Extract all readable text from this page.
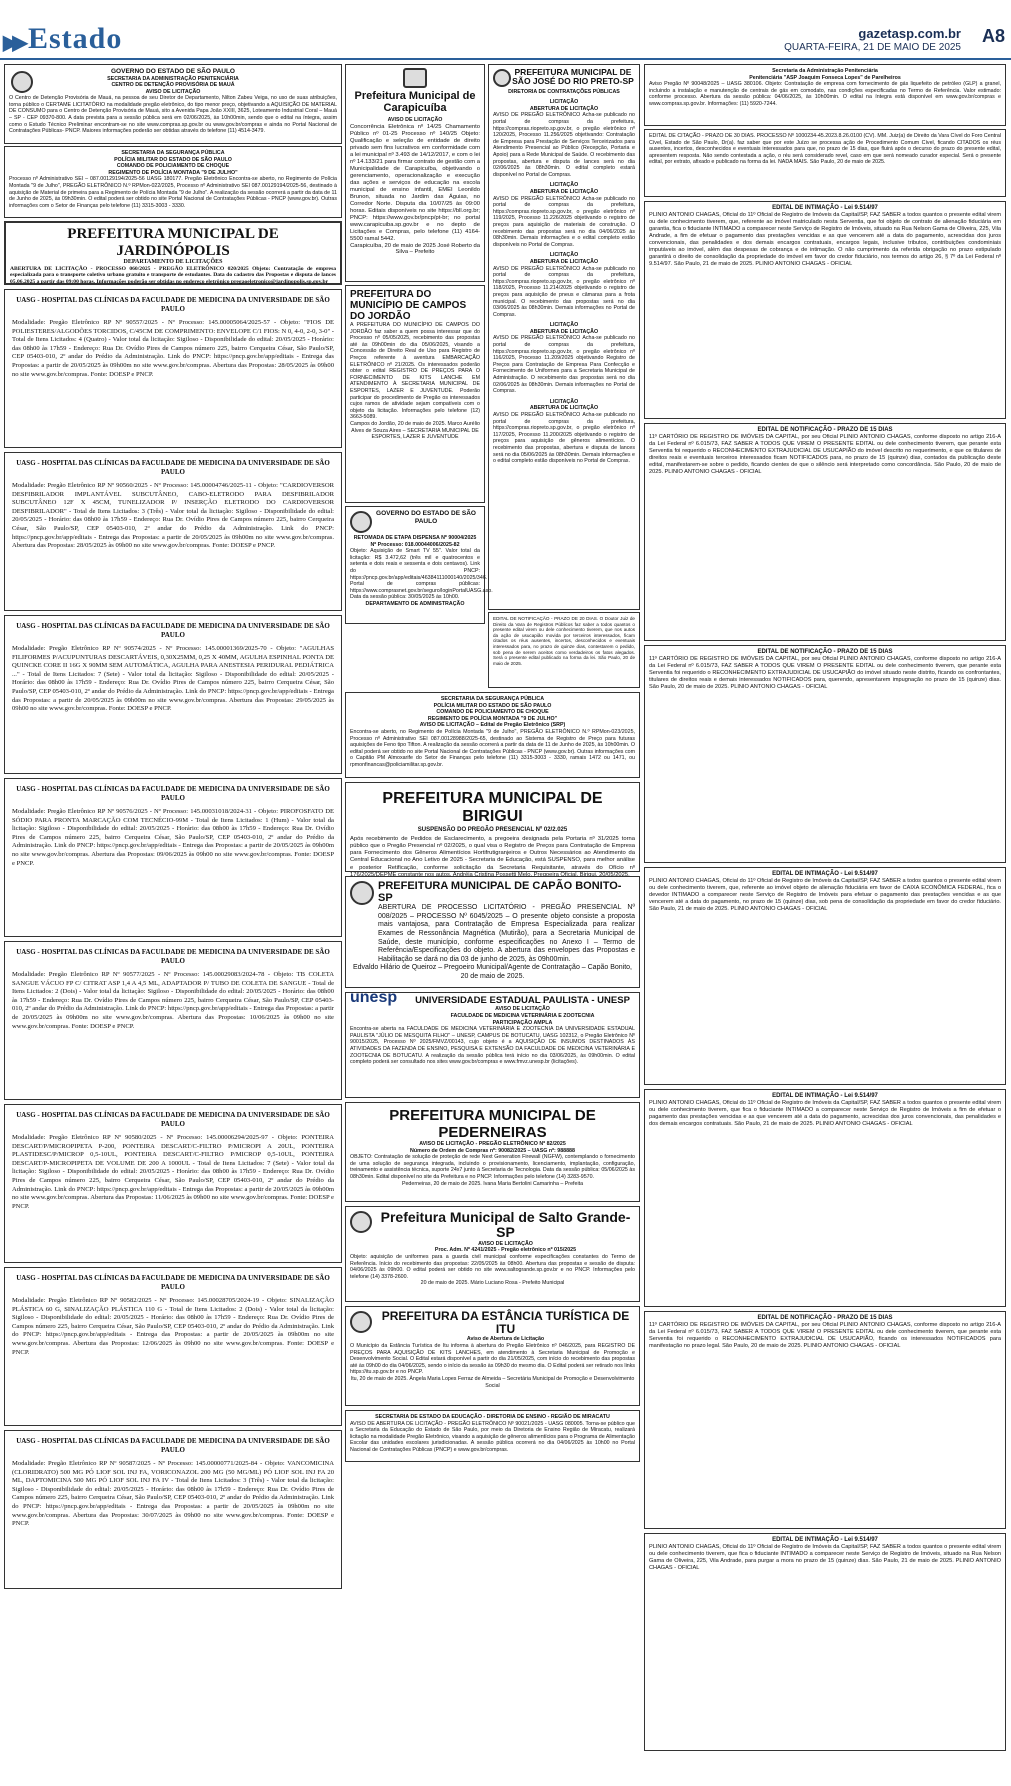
▶▶ Estado	gazetasp.com.br
QUARTA-FEIRA, 21 DE MAIO DE 2025
A8
GOVERNO DO ESTADO DE SÃO PAULO
SECRETARIA DA ADMINISTRAÇÃO PENITENCIÁRIA
CENTRO DE DETENÇÃO PROVISÓRIA DE MAUÁ
AVISO DE LICITAÇÃO
O Centro de Detenção Provisória de Mauá, na pessoa de seu Diretor de Departamento, Nilton Zabeu Veiga, no uso de suas atribuições, torna público o CERTAME LICITATÓRIO na modalidade pregão eletrônico, do tipo menor preço, objetivando a AQUISIÇÃO DE MATERIAL DE CONSUMO para o Centro de Detenção Provisória de Mauá, sito a Avenida Papa João XXIII, 3625, Loteamento Industrial Coral – Mauá – SP - CEP 09370-800. A data prevista para a sessão pública será em 02/06/2025, às 10h00min, sendo que o edital na íntegra, assim como o Estudo Técnico Preliminar encontram-se no site www.compras.sp.gov.br ou www.gov.br/compras e ainda no Portal Nacional de Contratações Públicas- PNCP. Maiores informações poderão ser obtidas através do telefone (11) 4514-3479.
SECRETARIA DA SEGURANÇA PÚBLICA
POLÍCIA MILITAR DO ESTADO DE SÃO PAULO
COMANDO DE POLICIAMENTO DE CHOQUE
REGIMENTO DE POLÍCIA MONTADA "9 DE JULHO"
Processo nº Administrativo SEI – 087.00129194/2025-56 UASG 180177. Pregão Eletrônico Encontra-se aberto, no Regimento de Polícia Montada "9 de Julho", PREGÃO ELETRÔNICO N.º RPMon-022/2025, Processo nº Administrativo SEI 087.00129194/2025-56, destinado à aquisição de Material de primeira para a Regimento de Polícia Montada "9 de Julho". A realização da sessão ocorrerá a partir da data de 11 de Junho de 2025, às 09h30min. O edital poderá ser obtido no site Portal Nacional de Contratações Públicas - PNCP (www.gov.br). Outras informações com o Setor de Finanças pelo telefone (11) 3315-3003 - 3330.
PREFEITURA MUNICIPAL DE JARDINÓPOLIS
DEPARTAMENTO DE LICITAÇÕES
ABERTURA DE LICITAÇÃO - PROCESSO 060/2025 - PREGÃO ELETRÔNICO 020/2025 Objeto: Contratação de empresa especializada para o transporte coletivo urbano gratuito e transporte de estudantes. Data do cadastro das Propostas e disputa de lances 05.06.2025 a partir das 09:00 horas. Informações poderão ser obtidas no endereço eletrônico pregaoeletronico@jardinopolis.sp.gov.br
UASG - HOSPITAL DAS CLÍNICAS DA FACULDADE DE MEDICINA DA UNIVERSIDADE DE SÃO PAULO
Modalidade: Pregão Eletrônico RP Nº 90557/2025 - Nº Processo: 145.00005064/2025-57 - Objeto: "FIOS DE POLIESTERES/ALGODÕES TORCIDOS, C/45CM DE COMPRIMENTO: ENVELOPE C/1 FIOS: N 0, 4-0, 2-0, 3-0" - Total de Itens Licitados: 4 (Quatro) - Valor total da licitação: Sigiloso - Disponibilidade do edital: 20/05/2025 - Horário: das 08h00 às 17h59 - Endereço: Rua Dr. Ovídio Pires de Campos número 225, bairro Cerqueira César, São Paulo/SP, CEP 05403-010, 2º andar do Prédio da Administração. Link do PNCP: https://pncp.gov.br/app/editais - Entrega das Propostas: a partir de 20/05/2025 às 09h00m no site www.gov.br/compras. Abertura das Propostas: 28/05/2025 às 09h00 no site www.gov.br/compras. Fonte: DOESP e PNCP.
UASG - HOSPITAL DAS CLÍNICAS DA FACULDADE DE MEDICINA DA UNIVERSIDADE DE SÃO PAULO
Modalidade: Pregão Eletrônico RP Nº 90560/2025 - Nº Processo: 145.00004746/2025-11 - Objeto: "CARDIOVERSOR DESFIBRILADOR IMPLANTÁVEL SUBCUTÂNEO, CABO-ELETRODO PARA DESFIBRILADOR SUBCUTÂNEO 12F X 45CM, TUNELIZADOR P/ INSERÇÃO ELETRODO DO CARDIOVERSOR DESFIBRILADOR" - Total de Itens Licitados: 3 (Três) - Valor total da licitação: Sigiloso - Disponibilidade do edital: 20/05/2025 - Horário: das 08h00 às 17h59 - Endereço: Rua Dr. Ovídio Pires de Campos número 225, bairro Cerqueira César, São Paulo/SP, CEP 05403-010, 2º andar do Prédio da Administração. Link do PNCP: https://pncp.gov.br/app/editais - Entrega das Propostas: a partir de 20/05/2025 às 09h00m no site www.gov.br/compras. Abertura das Propostas: 28/05/2025 às 09h00 no site www.gov.br/compras. Fonte: DOESP e PNCP.
UASG - HOSPITAL DAS CLÍNICAS DA FACULDADE DE MEDICINA DA UNIVERSIDADE DE SÃO PAULO
Modalidade: Pregão Eletrônico RP Nº 90574/2025 - Nº Processo: 145.00001369/2025-70 - Objeto: "AGULHAS FILIFORMES P/ACUPUNTURAS DESCARTÁVEIS, 0,30X25MM, 0,25 X 40MM, AGULHA ESPINHAL PONTA DE QUINCKE CORE II 16G X 90MM SEM AUTOMÁTICA, AGULHA PARA ANESTESIA PERIDURAL PEDIÁTRICA ..." - Total de Itens Licitados: 7 (Sete) - Valor total da licitação: Sigiloso - Disponibilidade do edital: 20/05/2025 - Horário: das 08h00 às 17h59 - Endereço: Rua Dr. Ovídio Pires de Campos número 225, bairro Cerqueira César, São Paulo/SP, CEP 05403-010, 2º andar do Prédio da Administração. Link do PNCP: https://pncp.gov.br/app/editais - Entrega das Propostas: a partir de 20/05/2025 às 09h00m no site www.gov.br/compras. Abertura das Propostas: 29/05/2025 às 09h00 no site www.gov.br/compras. Fonte: DOESP e PNCP.
UASG - HOSPITAL DAS CLÍNICAS DA FACULDADE DE MEDICINA DA UNIVERSIDADE DE SÃO PAULO
Modalidade: Pregão Eletrônico RP Nº 90576/2025 - Nº Processo: 145.00031018/2024-31 - Objeto: PIROFOSFATO DE SÓDIO PARA PRONTA MARCAÇÃO COM TECNÉCIO-99M - Total de Itens Licitados: 1 (Hum) - Valor total da licitação: Sigiloso - Disponibilidade do edital: 20/05/2025 - Horário: das 08h00 às 17h59 - Endereço: Rua Dr. Ovídio Pires de Campos número 225, bairro Cerqueira César, São Paulo/SP, CEP 05403-010, 2º andar do Prédio da Administração. Link do PNCP: https://pncp.gov.br/app/editais - Entrega das Propostas: a partir de 20/05/2025 às 09h00m no site www.gov.br/compras. Abertura das Propostas: 09/06/2025 às 09h00 no site www.gov.br/compras. Fonte: DOESP e PNCP.
UASG - HOSPITAL DAS CLÍNICAS DA FACULDADE DE MEDICINA DA UNIVERSIDADE DE SÃO PAULO
Modalidade: Pregão Eletrônico RP Nº 90577/2025 - Nº Processo: 145.00029083/2024-78 - Objeto: TB COLETA SANGUE VÁCUO FP C/ CITRAT ASP 1,4 A 4,5 ML, ADAPTADOR P/ TUBO DE COLETA DE SANGUE - Total de Itens Licitados: 2 (Dois) - Valor total da licitação: Sigiloso - Disponibilidade do edital: 20/05/2025 - Horário: das 08h00 às 17h59 - Endereço: Rua Dr. Ovídio Pires de Campos número 225, bairro Cerqueira César, São Paulo/SP, CEP 05403-010, 2º andar do Prédio da Administração. Link do PNCP: https://pncp.gov.br/app/editais - Entrega das Propostas: a partir de 20/05/2025 às 09h00m no site www.gov.br/compras. Abertura das Propostas: 10/06/2025 às 09h00 no site www.gov.br/compras. Fonte: DOESP e PNCP.
UASG - HOSPITAL DAS CLÍNICAS DA FACULDADE DE MEDICINA DA UNIVERSIDADE DE SÃO PAULO
Modalidade: Pregão Eletrônico RP Nº 90580/2025 - Nº Processo: 145.00006294/2025-97 - Objeto: PONTEIRA DESCART/P/MICROPIPETA P-200, PONTEIRA DESCART/C-FILTRO P/MICROPI A 20UL, PONTEIRA PLASTIDESC/P/MICROP 0,5-10UL, PONTEIRA DESCART/C-FILTRO P/MICROP 0,5-10UL, PONTEIRA DESCART/P-MICROPIPETA DE VOLUME DE 200 A 1000UL - Total de Itens Licitados: 7 (Sete) - Valor total da licitação: Sigiloso - Disponibilidade do edital: 20/05/2025 - Horário: das 08h00 às 17h59 - Endereço: Rua Dr. Ovídio Pires de Campos número 225, bairro Cerqueira César, São Paulo/SP, CEP 05403-010, 2º andar do Prédio da Administração. Link do PNCP: https://pncp.gov.br/app/editais - Entrega das Propostas: a partir de 20/05/2025 às 09h00m no site www.gov.br/compras. Abertura das Propostas: 11/06/2025 às 09h00 no site www.gov.br/compras. Fonte: DOESP e PNCP.
UASG - HOSPITAL DAS CLÍNICAS DA FACULDADE DE MEDICINA DA UNIVERSIDADE DE SÃO PAULO
Modalidade: Pregão Eletrônico RP Nº 90582/2025 - Nº Processo: 145.00028705/2024-19 - Objeto: SINALIZAÇÃO PLÁSTICA 60 G, SINALIZAÇÃO PLÁSTICA 110 G - Total de Itens Licitados: 2 (Dois) - Valor total da licitação: Sigiloso - Disponibilidade do edital: 20/05/2025 - Horário: das 08h00 às 17h59 - Endereço: Rua Dr. Ovídio Pires de Campos número 225, bairro Cerqueira César, São Paulo/SP, CEP 05403-010, 2º andar do Prédio da Administração. Link do PNCP: https://pncp.gov.br/app/editais - Entrega das Propostas: a partir de 20/05/2025 às 09h00m no site www.gov.br/compras. Abertura das Propostas: 12/06/2025 às 09h00 no site www.gov.br/compras. Fonte: DOESP e PNCP.
UASG - HOSPITAL DAS CLÍNICAS DA FACULDADE DE MEDICINA DA UNIVERSIDADE DE SÃO PAULO
Modalidade: Pregão Eletrônico RP Nº 90587/2025 - Nº Processo: 145.00000771/2025-84 - Objeto: VANCOMICINA (CLORIDRATO) 500 MG PÓ LIOF SOL INJ FA, VORICONAZOL 200 MG (50 MG/ML) PÓ LIOF SOL INJ FA 20 ML, DAPTOMICINA 500 MG PÓ LIOF SOL INJ FA IV - Total de Itens Licitados: 3 (Três) - Valor total da licitação: Sigiloso - Disponibilidade do edital: 20/05/2025 - Horário: das 08h00 às 17h59 - Endereço: Rua Dr. Ovídio Pires de Campos número 225, bairro Cerqueira César, São Paulo/SP, CEP 05403-010, 2º andar do Prédio da Administração. Link do PNCP: https://pncp.gov.br/app/editais - Entrega das Propostas: a partir de 20/05/2025 às 09h00m no site www.gov.br/compras. Abertura das Propostas: 30/07/2025 às 09h00 no site www.gov.br/compras. Fonte: DOESP e PNCP.
Prefeitura Municipal de Carapicuíba
AVISO DE LICITAÇÃO
Concorrência Eletrônica nº 14/25 Chamamento Público nº 01-25 Processo nº 140/25 Objeto: Qualificação e seleção de entidade de direito privado sem fins lucrativos em conformidade com a lei municipal nº 3.493 de 14/12/2017, e com o lei nº 14.133/21 para firmar contrato de gestão com a Municipalidade de Carapicuíba, objetivando o gerenciamento, operacionalização e execução das ações e serviços de educação na escola municipal de ensino infantil, EMEI Leonildo Brunon, situada no Jardim das Águias, no Corredor Norte. Disputa dia 10/07/25 às 09:00 horas. Editais disponíveis no site https://bll.org.br; PNCP: https://www.gov.br/pncp/pt-br; no portal www.carapicuiba.sp.gov.br e no depto de Licitações e Compras, pelo telefone (11) 4164-5500 ramal 5442.
Carapicuíba, 20 de maio de 2025 José Roberto da Silva – Prefeito
PREFEITURA DO MUNICÍPIO DE CAMPOS DO JORDÃO
A PREFEITURA DO MUNICÍPIO DE CAMPOS DO JORDÃO faz saber a quem possa interessar que do Processo nº 05/05/2025, recebimento das propostas até às 09h00min do dia 05/06/2025, visando a Concessão de Direito Real de Uso para Registro de Preços referente à aventura EMBARCAÇÃO ELETRÔNICO nº 21/2025. Os interessados poderão obter o edital REGISTRO DE PREÇOS PARA O FORNECIMENTO DE KITS LANCHE EM ATENDIMENTO À SECRETARIA MUNICIPAL DE ESPORTES, LAZER E JUVENTUDE. Poderão participar do procedimento de Pregão os interessados cujos ramos de atividade sejam compatíveis com o objeto da licitação. Informações pelo telefone (12) 3663-5089.
Campos do Jordão, 20 de maio de 2025. Marco Aurélio Alves de Souza Aires – SECRETARIA MUNICIPAL DE ESPORTES, LAZER E JUVENTUDE
GOVERNO DO ESTADO DE SÃO PAULO
RETOMADA DE ETAPA DISPENSA Nº 90004/2025
Nº Processo: 018.00044006/2025-82
Objeto: Aquisição de Smart TV 55". Valor total da licitação: R$ 3.472,62 (três mil e quatrocentos e setenta e dois reais e sessenta e dois centavos). Link do PNCP: https://pncp.gov.br/app/editais/46384111000140/2025/346. Portal de compras públicas: https://www.comprasnet.gov.br/seguro/loginPortalUASG.asp. Data da sessão pública: 30/05/2025 às 10h00.
DEPARTAMENTO DE ADMINISTRAÇÃO
PREFEITURA MUNICIPAL DE SÃO JOSÉ DO RIO PRETO-SP
DIRETORIA DE CONTRATAÇÕES PÚBLICAS
LICITAÇÃO
ABERTURA DE LICITAÇÃO
AVISO DE PREGÃO ELETRÔNICO Acha-se publicado no portal de compras da prefeitura, https://compras.riopreto.sp.gov.br, o pregão eletrônico nº 120/2025, Processo 11.256/2025 objetivando: Contratação de Empresa para Prestação de Serviços Terceirizados para Atendimento Presencial ao Público (Recepção, Portaria e Apoio) para a Rede Municipal de Saúde. O recebimento das propostas, abertura e disputa de lances será no dia 02/06/2025 às 08h30min. O edital completo estará disponível no Portal de Compras.
LICITAÇÃO
ABERTURA DE LICITAÇÃO
AVISO DE PREGÃO ELETRÔNICO Acha-se publicado no portal de compras da prefeitura, https://compras.riopreto.sp.gov.br, o pregão eletrônico nº 119/2025, Processo 11.226/2025 objetivando o registro de preços para aquisição de materiais de construção. O recebimento das propostas será no dia 04/06/2025 às 08h30min. Demais informações e o edital completo estão disponíveis no Portal de Compras.
LICITAÇÃO
ABERTURA DE LICITAÇÃO
AVISO DE PREGÃO ELETRÔNICO Acha-se publicado no portal de compras da prefeitura, https://compras.riopreto.sp.gov.br, o pregão eletrônico nº 118/2025, Processo 11.214/2025 objetivando o registro de preços para aquisição de pneus e câmaras para a frota municipal. O recebimento das propostas será no dia 03/06/2025 às 08h30min. Demais informações no Portal de Compras.
LICITAÇÃO
ABERTURA DE LICITAÇÃO
AVISO DE PREGÃO ELETRÔNICO Acha-se publicado no portal de compras da prefeitura, https://compras.riopreto.sp.gov.br, o pregão eletrônico nº 116/2025, Processo 11.209/2025 objetivando Registro de Preços para Contratação de Empresa Para Confecção e Fornecimento de Uniformes para a Secretaria Municipal de Administração. O recebimento das propostas será no dia 02/06/2025 às 08h30min. Demais informações no Portal de Compras.
LICITAÇÃO
ABERTURA DE LICITAÇÃO
AVISO DE PREGÃO ELETRÔNICO Acha-se publicado no portal de compras da prefeitura, https://compras.riopreto.sp.gov.br, o pregão eletrônico nº 117/2025, Processo 11.200/2025 objetivando o registro de preços para aquisição de gêneros alimentícios. O recebimento das propostas, abertura e disputa de lances será no dia 05/06/2025 às 08h30min. Demais informações e o edital completo estão disponíveis no Portal de Compras.
EDITAL DE NOTIFICAÇÃO - PRAZO DE 20 DIAS. O Doutor Juiz de Direito da Vara de Registros Públicos faz saber a todos quantos o presente edital virem ou dele conhecimento tiverem, que nos autos da ação de usucapião movida por terceiros interessados, ficam citados os réus ausentes, incertos, desconhecidos e eventuais interessados para, no prazo de quinze dias, contestarem o pedido, sob pena de serem aceitos como verdadeiros os fatos alegados. Será o presente edital publicado na forma da lei. São Paulo, 20 de maio de 2025.
SECRETARIA DA SEGURANÇA PÚBLICA
POLÍCIA MILITAR DO ESTADO DE SÃO PAULO
COMANDO DE POLICIAMENTO DE CHOQUE
REGIMENTO DE POLÍCIA MONTADA "9 DE JULHO"
AVISO DE LICITAÇÃO – Edital de Pregão Eletrônico (SRP)
Encontra-se aberto, no Regimento de Polícia Montada "9 de Julho", PREGÃO ELETRÔNICO N.º RPMon-023/2025, Processo nº Administrativo SEI 087.00128988/2025-65, destinado ao Sistema de Registro de Preço para futuras aquisições de Feno tipo Tifton. A realização da sessão ocorrerá a partir da data de 11 de Junho de 2025, às 10h00min. O edital poderá ser obtido no site Portal Nacional de Contratações Públicas - PNCP (www.gov.br). Outras informações com o Capitão PM Almoxarife do Setor de Finanças pelo telefone (11) 3315-3003 - 3330, ramais 1472 ou 1471, ou rpmonfinancas@policiamilitar.sp.gov.br.
PREFEITURA MUNICIPAL DE BIRIGUI
SUSPENSÃO DO PREGÃO PRESENCIAL Nº 02/2.025
Após recebimento de Pedidos de Esclarecimento, a pregoeira designada pela Portaria nº 31/2025 torna público que o Pregão Presencial nº 02/2025, o qual visa o Registro de Preços para Contratação de Empresa para Fornecimento dos Gêneros Alimentícios Hortifrutigranjeiros e Outros Necessários ao Atendimento da Central Educacional no Ano Letivo de 2025 - Secretaria de Educação, está SUSPENSO, para melhor análise e posterior Retificação, conforme solicitação da Secretaria Requisitante, através do Ofício nº 176/2025/DEPME constante nos autos. Andréia Cristina Possetti Melo, Pregoeira Oficial. Birigui, 20/05/2025.
PREFEITURA MUNICIPAL DE CAPÃO BONITO-SP
ABERTURA DE PROCESSO LICITATÓRIO - PREGÃO PRESENCIAL Nº 008/2025 – PROCESSO Nº 6045/2025 – O presente objeto consiste a proposta mais vantajosa, para Contratação de Empresa Especializada para realizar Exames de Ressonância Magnética (Mutirão), para a Secretaria Municipal de Saúde, deste município, conforme especificações no Anexo I – Termo de Referência/Especificações do objeto. A abertura das envelopes das Propostas e Habilitação se dará no dia 03 de junho de 2025, às 09h00min.
Edvaldo Hilário de Queiroz – Pregoeiro Municipal/Agente de Contratação – Capão Bonito, 20 de maio de 2025.
unesp	UNIVERSIDADE ESTADUAL PAULISTA - UNESP
AVISO DE LICITAÇÃO
FACULDADE DE MEDICINA VETERINÁRIA E ZOOTECNIA
PARTICIPAÇÃO AMPLA
Encontra-se aberta na FACULDADE DE MEDICINA VETERINÁRIA E ZOOTECNIA DA UNIVERSIDADE ESTADUAL PAULISTA "JÚLIO DE MESQUITA FILHO" – UNESP, CAMPUS DE BOTUCATU, UASG 102312, o Pregão Eletrônico Nº 90015/2025, Processo Nº 2025/FMVZ/00143, cujo objeto é a AQUISIÇÃO DE INSUMOS DESTINADOS ÀS ATIVIDADES DA FAZENDA DE ENSINO, PESQUISA E EXTENSÃO DA FACULDADE DE MEDICINA VETERINÁRIA E ZOOTECNIA DE BOTUCATU. A realização da sessão pública terá início no dia 03/06/2025, às 09h00min. O edital completo poderá ser consultado nos sites www.gov.br/compras e www.fmvz.unesp.br (licitações).
PREFEITURA MUNICIPAL DE PEDERNEIRAS
AVISO DE LICITAÇÃO - PREGÃO ELETRÔNICO Nº 82/2025
Número de Ordem de Compras nº: 90082/2025 – UASG nº: 988888
OBJETO: Contratação de solução de proteção de rede Next Generation Firewall (NGFW), contemplando o fornecimento de uma solução de segurança integrada, incluindo o provisionamento, licenciamento, implantação, configuração, treinamento e assistência técnica, suporte 24x7 junto à Secretaria de Tecnologia. Data da sessão pública: 05/06/2025 às 08h30min. Edital disponível no site da Prefeitura e no PNCP. Informações pelo telefone (14) 3283-9570.
Pederneiras, 20 de maio de 2025. Ivana Maria Bertolini Camarinha – Prefeita
Prefeitura Municipal de Salto Grande-SP
AVISO DE LICITAÇÃO
Proc. Adm. Nº 4241/2025 - Pregão eletrônico nº 015/2025
Objeto: aquisição de uniformes para a guarda civil municipal conforme especificações constantes do Termo de Referência. Início do recebimento das propostas: 22/05/2025 às 08h00. Abertura das propostas e sessão de disputa: 04/06/2025 às 09h00. O edital poderá ser obtido no site www.saltogrande.sp.gov.br e no PNCP. Informações pelo telefone (14) 3378-2600.
20 de maio de 2025. Mário Luciano Rosa - Prefeito Municipal
PREFEITURA DA ESTÂNCIA TURÍSTICA DE ITU
Aviso de Abertura de Licitação
O Município da Estância Turística de Itu informa à abertura do Pregão Eletrônico nº 046/2025, para REGISTRO DE PREÇOS PARA AQUISIÇÃO DE KITS LANCHES, em atendimento à Secretaria Municipal de Promoção e Desenvolvimento Social. O Edital estará disponível a partir do dia 21/05/2025, com início do recebimento das propostas até às 09h00 do dia 04/06/2025, sendo o início da sessão às 09h30 do mesmo dia. O Edital poderá ser retirado nos links https://itu.sp.gov.br e no PNCP.
Itu, 20 de maio de 2025. Ângela Maria Lopes Ferraz de Almeida – Secretária Municipal de Promoção e Desenvolvimento Social
SECRETARIA DE ESTADO DA EDUCAÇÃO - DIRETORIA DE ENSINO - REGIÃO DE MIRACATU
AVISO DE ABERTURA DE LICITAÇÃO - PREGÃO ELETRÔNICO Nº 90021/2025 - UASG 080005. Torna-se público que a Secretaria da Educação do Estado de São Paulo, por meio da Diretoria de Ensino Região de Miracatu, realizará licitação na modalidade Pregão Eletrônico, visando a aquisição de gêneros alimentícios para o Programa de Alimentação Escolar das unidades escolares jurisdicionadas. A sessão pública ocorrerá no dia 04/06/2025 às 10h00 no Portal Nacional de Contratações Públicas (PNCP) e www.gov.br/compras.
Secretaria da Administração Penitenciária
Penitenciária "ASP Joaquim Fonseca Lopes" de Parelheiros
Aviso Pregão Nº 90048/2025 – UASG 380106. Objeto: Contratação de empresa com fornecimento de gás liquefeito de petróleo (GLP) a granel, incluindo a instalação e manutenção de centrais de gás em comodato, nas condições especificadas no Termo de Referência. Valor estimado: conforme processo. Abertura da sessão pública: 04/06/2025, às 10h00min. O edital na íntegra está disponível em www.gov.br/compras e www.compras.sp.gov.br. Informações: (11) 5920-7244.
EDITAL DE CITAÇÃO - PRAZO DE 30 DIAS. PROCESSO Nº 1000234-45.2023.8.26.0100 (CV). MM. Juiz(a) de Direito da Vara Cível do Foro Central Cível, Estado de São Paulo, Dr(a). faz saber que por este Juízo se processa ação de Procedimento Comum Cível, ficando CITADOS os réus ausentes, incertos, desconhecidos e eventuais interessados para que, no prazo de 15 dias, que fluirá após o decurso do prazo do presente edital, apresentem resposta. Não sendo contestada a ação, o réu será considerado revel, caso em que será nomeado curador especial. Será o presente edital, por extrato, afixado e publicado na forma da lei. NADA MAIS. São Paulo, 20 de maio de 2025.
EDITAL DE INTIMAÇÃO - Lei 9.514/97
PLINIO ANTONIO CHAGAS, Oficial do 11º Oficial de Registro de Imóveis da Capital/SP, FAZ SABER a todos quantos o presente edital virem ou dele conhecimento tiverem, que, referente ao imóvel matriculado nesta Serventia, que foi objeto de contrato de alienação fiduciária em garantia, fica o fiduciante INTIMADO a comparecer neste Serviço de Registro de Imóveis, situado na Rua Nelson Gama de Oliveira, 225, Vila Andrade, a fim de efetuar o pagamento das prestações vencidas e as que vencerem até a data do pagamento, acrescidas dos juros convencionais, das penalidades e dos demais encargos contratuais, encargos legais, inclusive tributos, contribuições condominiais imputáveis ao imóvel, além das despesas de cobrança e de intimação. O não cumprimento da referida obrigação no prazo estipulado garantirá o direito de consolidação da propriedade do imóvel em favor do credor fiduciário, nos termos do artigo 26, § 7º da Lei Federal nº 9.514/97. São Paulo, 21 de maio de 2025. PLINIO ANTONIO CHAGAS - OFICIAL
EDITAL DE NOTIFICAÇÃO - PRAZO DE 15 DIAS
11º CARTÓRIO DE REGISTRO DE IMÓVEIS DA CAPITAL, por seu Oficial PLINIO ANTONIO CHAGAS, conforme disposto no artigo 216-A da Lei Federal nº 6.015/73, FAZ SABER A TODOS QUE VIREM O PRESENTE EDITAL ou dele conhecimento tiverem, que perante esta Serventia foi requerido o RECONHECIMENTO EXTRAJUDICIAL DE USUCAPIÃO do imóvel descrito no requerimento, e que os titulares de direitos reais e eventuais terceiros interessados ficam NOTIFICADOS para, no prazo de 15 (quinze) dias, contados da publicação deste edital, manifestarem-se sobre o pedido, ficando cientes de que o silêncio será interpretado como concordância. São Paulo, 20 de maio de 2025. PLINIO ANTONIO CHAGAS - OFICIAL
EDITAL DE NOTIFICAÇÃO - PRAZO DE 15 DIAS
11º CARTÓRIO DE REGISTRO DE IMÓVEIS DA CAPITAL, por seu Oficial PLINIO ANTONIO CHAGAS, conforme disposto no artigo 216-A da Lei Federal nº 6.015/73, FAZ SABER A TODOS QUE VIREM O PRESENTE EDITAL ou dele conhecimento tiverem, que perante esta Serventia foi requerido o RECONHECIMENTO EXTRAJUDICIAL DE USUCAPIÃO do imóvel situado neste distrito, ficando os confrontantes, titulares de direitos reais e demais interessados NOTIFICADOS para, querendo, apresentarem impugnação no prazo de 15 (quinze) dias. São Paulo, 20 de maio de 2025. PLINIO ANTONIO CHAGAS - OFICIAL
EDITAL DE INTIMAÇÃO - Lei 9.514/97
PLINIO ANTONIO CHAGAS, Oficial do 11º Oficial de Registro de Imóveis da Capital/SP, FAZ SABER a todos quantos o presente edital virem ou dele conhecimento tiverem, que, referente ao imóvel objeto de alienação fiduciária em favor de CAIXA ECONÔMICA FEDERAL, fica o devedor INTIMADO a comparecer neste Serviço de Registro de Imóveis para efetuar o pagamento das prestações vencidas e as que vencerem até a data do pagamento, no prazo de 15 (quinze) dias, sob pena de consolidação da propriedade em favor do credor fiduciário. São Paulo, 21 de maio de 2025. PLINIO ANTONIO CHAGAS - OFICIAL
EDITAL DE INTIMAÇÃO - Lei 9.514/97
PLINIO ANTONIO CHAGAS, Oficial do 11º Oficial de Registro de Imóveis da Capital/SP, FAZ SABER a todos quantos o presente edital virem ou dele conhecimento tiverem, que fica o fiduciante INTIMADO a comparecer neste Serviço de Registro de Imóveis a fim de efetuar o pagamento das prestações vencidas e as que vencerem até a data do pagamento, acrescidas dos juros convencionais, das penalidades e dos demais encargos contratuais. São Paulo, 21 de maio de 2025. PLINIO ANTONIO CHAGAS - OFICIAL
EDITAL DE NOTIFICAÇÃO - PRAZO DE 15 DIAS
11º CARTÓRIO DE REGISTRO DE IMÓVEIS DA CAPITAL, por seu Oficial PLINIO ANTONIO CHAGAS, conforme disposto no artigo 216-A da Lei Federal nº 6.015/73, FAZ SABER A TODOS QUE VIREM O PRESENTE EDITAL ou dele conhecimento tiverem, que perante esta Serventia foi requerido o RECONHECIMENTO EXTRAJUDICIAL DE USUCAPIÃO, ficando os interessados NOTIFICADOS para manifestação no prazo legal. São Paulo, 20 de maio de 2025. PLINIO ANTONIO CHAGAS - OFICIAL
EDITAL DE INTIMAÇÃO - Lei 9.514/97
PLINIO ANTONIO CHAGAS, Oficial do 11º Oficial de Registro de Imóveis da Capital/SP, FAZ SABER a todos quantos o presente edital virem ou dele conhecimento tiverem, que fica o fiduciante INTIMADO a comparecer neste Serviço de Registro de Imóveis, situado na Rua Nelson Gama de Oliveira, 225, Vila Andrade, para purgar a mora no prazo de 15 (quinze) dias. São Paulo, 21 de maio de 2025. PLINIO ANTONIO CHAGAS - OFICIAL
